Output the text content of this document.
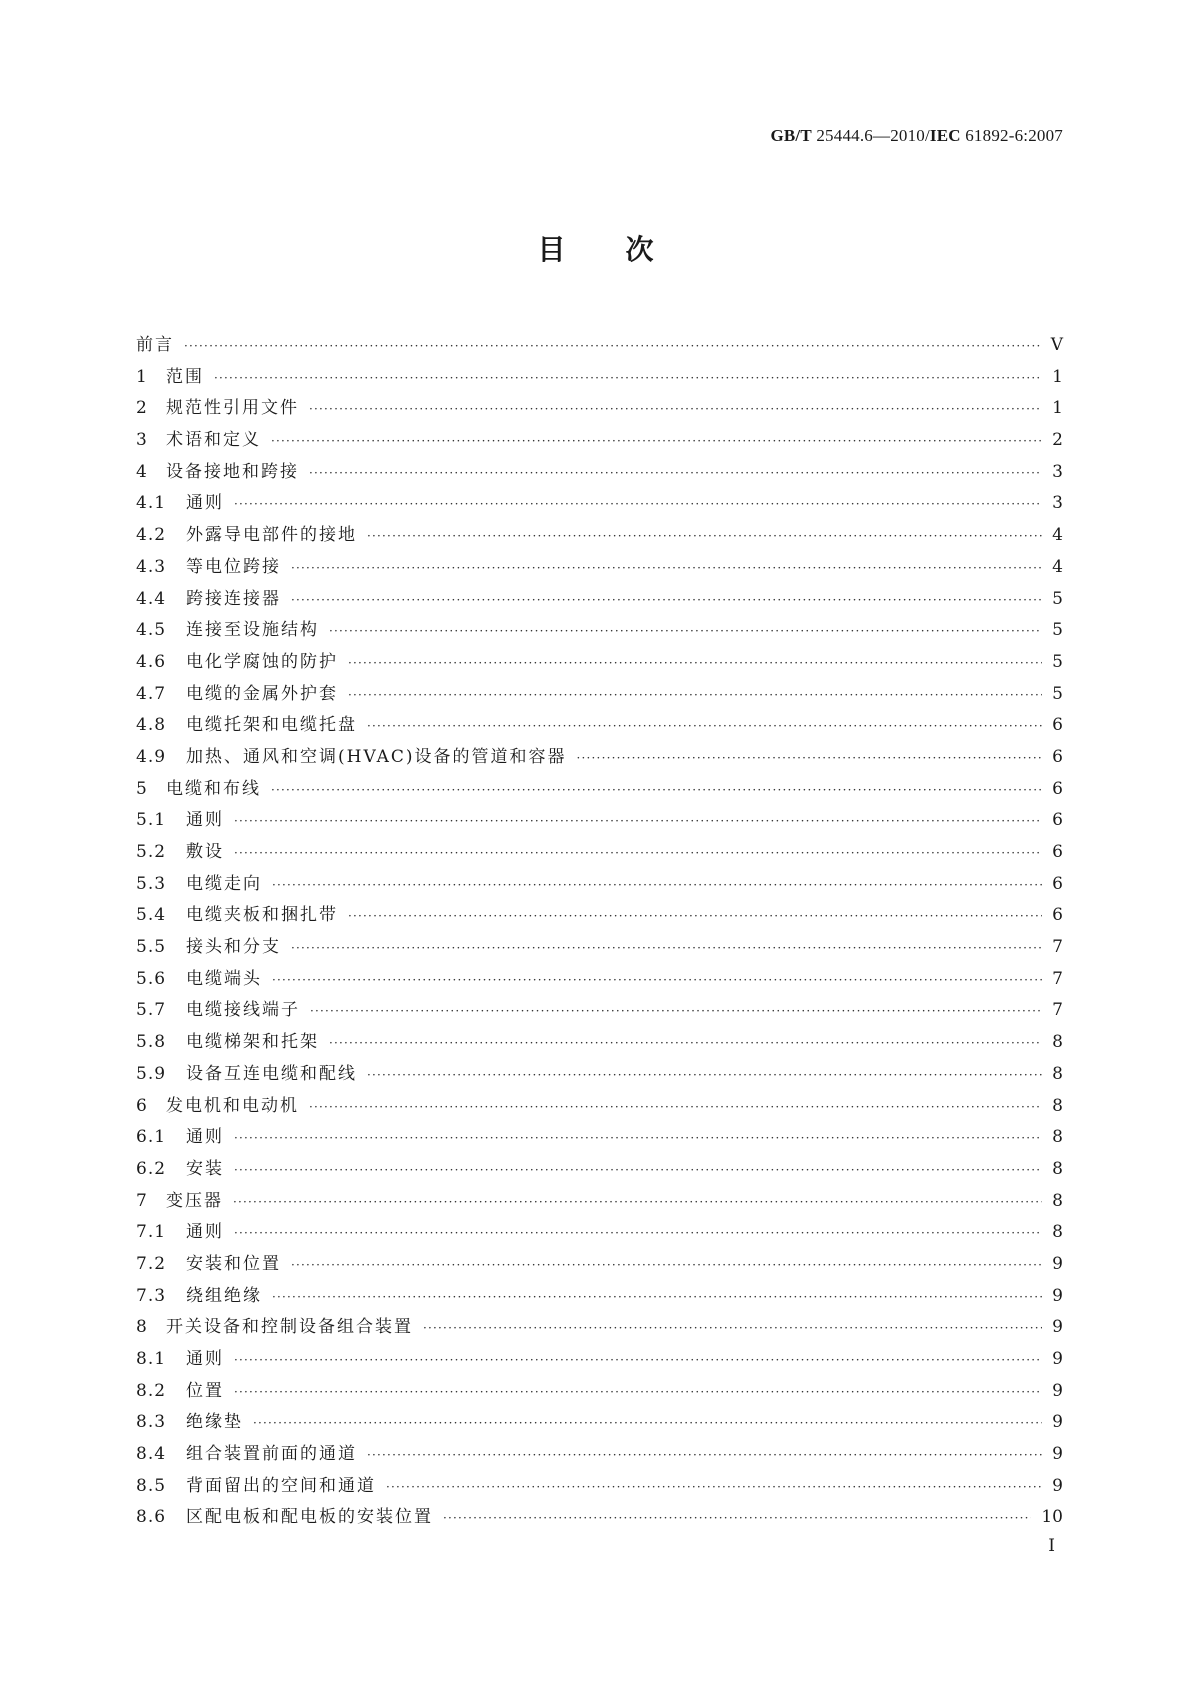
GB/T 25444.6—2010/IEC 61892-6:2007
目次
前言 ·····	V
1	范围 ·····	1
2	规范性引用文件 ·····	1
3	术语和定义 ·····	2
4	设备接地和跨接 ·····	3
4.1	通则 ·····	3
4.2	外露导电部件的接地 ·····	4
4.3	等电位跨接 ·····	4
4.4	跨接连接器 ·····	5
4.5	连接至设施结构 ·····	5
4.6	电化学腐蚀的防护 ·····	5
4.7	电缆的金属外护套 ·····	5
4.8	电缆托架和电缆托盘 ·····	6
4.9	加热、通风和空调(HVAC)设备的管道和容器 ·····	6
5	电缆和布线 ·····	6
5.1	通则 ·····	6
5.2	敷设 ·····	6
5.3	电缆走向 ·····	6
5.4	电缆夹板和捆扎带 ·····	6
5.5	接头和分支 ·····	7
5.6	电缆端头 ·····	7
5.7	电缆接线端子 ·····	7
5.8	电缆梯架和托架 ·····	8
5.9	设备互连电缆和配线 ·····	8
6	发电机和电动机 ·····	8
6.1	通则 ·····	8
6.2	安装 ·····	8
7	变压器 ·····	8
7.1	通则 ·····	8
7.2	安装和位置 ·····	9
7.3	绕组绝缘 ·····	9
8	开关设备和控制设备组合装置 ·····	9
8.1	通则 ·····	9
8.2	位置 ·····	9
8.3	绝缘垫 ·····	9
8.4	组合装置前面的通道 ·····	9
8.5	背面留出的空间和通道 ·····	9
8.6	区配电板和配电板的安装位置 ·····	10
I
